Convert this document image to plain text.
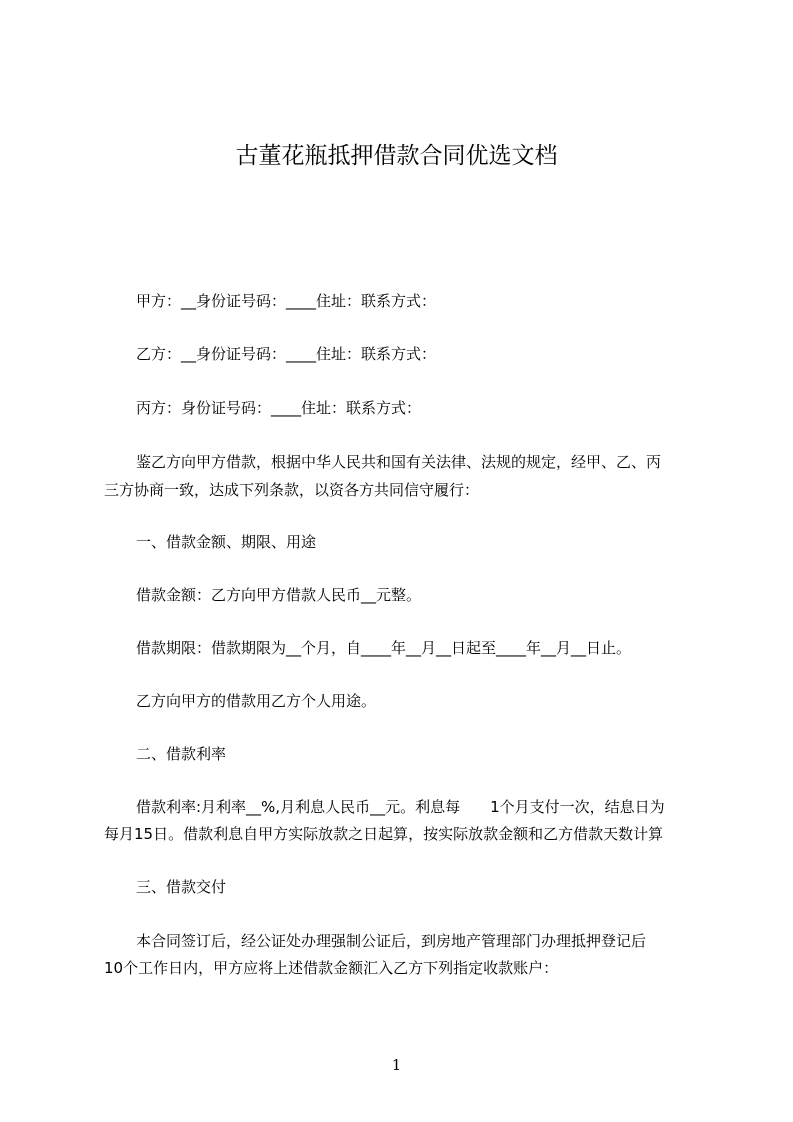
古董花瓶抵押借款合同优选文档
甲方：__身份证号码：____住址：联系方式：
乙方：__身份证号码：____住址：联系方式：
丙方：身份证号码：____住址：联系方式：
鉴乙方向甲方借款，根据中华人民共和国有关法律、法规的规定，经甲、乙、丙
三方协商一致，达成下列条款，以资各方共同信守履行：
一、借款金额、期限、用途
借款金额：乙方向甲方借款人民币__元整。
借款期限：借款期限为__个月，自____年__月__日起至____年__月__日止。
乙方向甲方的借款用乙方个人用途。
二、借款利率
借款利率:月利率__%,月利息人民币__元。利息每　　1个月支付一次，结息日为
每月15日。借款利息自甲方实际放款之日起算，按实际放款金额和乙方借款天数计算
三、借款交付
本合同签订后，经公证处办理强制公证后，到房地产管理部门办理抵押登记后
10个工作日内，甲方应将上述借款金额汇入乙方下列指定收款账户：
1
